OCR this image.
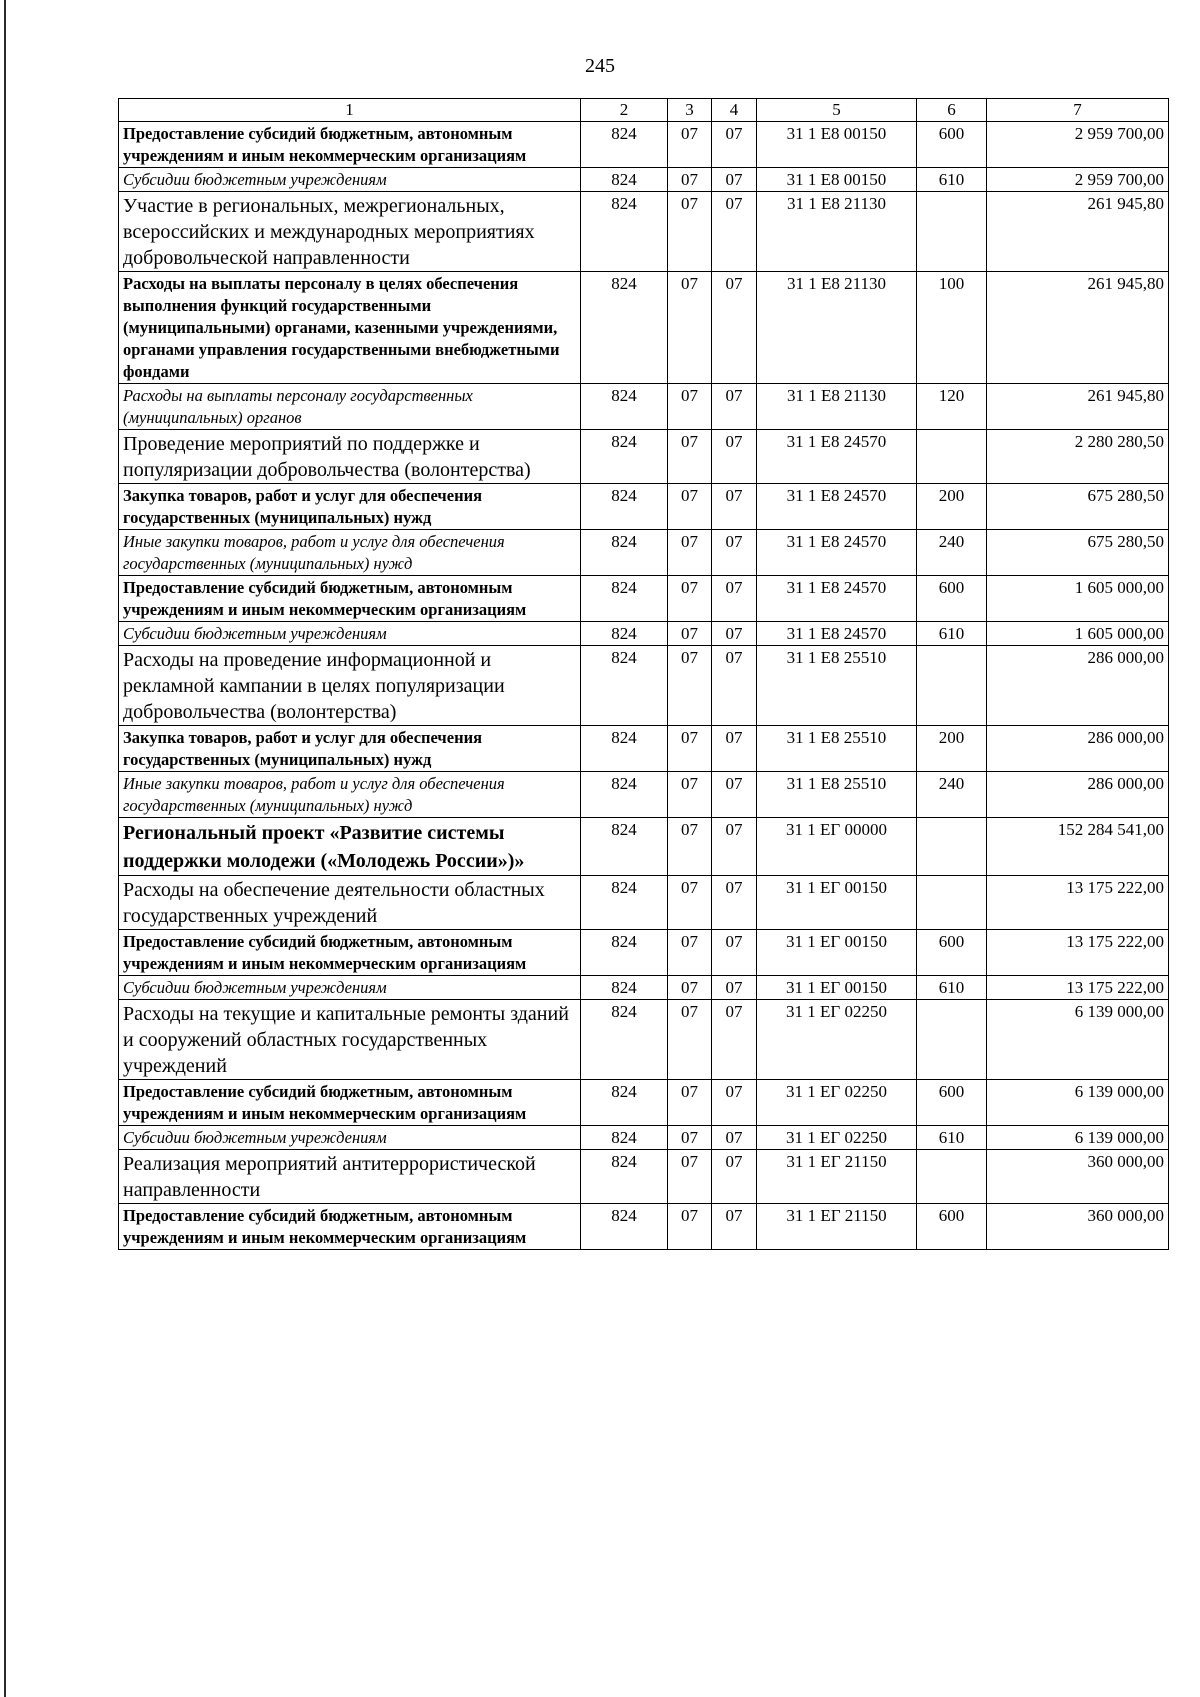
245
1	2	3	4	5	6	7
Предоставление субсидий бюджетным, автономным учреждениям и иным некоммерческим организациям	824	07	07	31 1 Е8 00150	600	2 959 700,00
Субсидии бюджетным учреждениям	824	07	07	31 1 Е8 00150	610	2 959 700,00
Участие в региональных, межрегиональных, всероссийских и международных мероприятиях добровольческой направленности	824	07	07	31 1 Е8 21130		261 945,80
Расходы на выплаты персоналу в целях обеспечения выполнения функций государственными (муниципальными) органами, казенными учреждениями, органами управления государственными внебюджетными фондами	824	07	07	31 1 Е8 21130	100	261 945,80
Расходы на выплаты персоналу государственных (муниципальных) органов	824	07	07	31 1 Е8 21130	120	261 945,80
Проведение мероприятий по поддержке и популяризации добровольчества (волонтерства)	824	07	07	31 1 Е8 24570		2 280 280,50
Закупка товаров, работ и услуг для обеспечения государственных (муниципальных) нужд	824	07	07	31 1 Е8 24570	200	675 280,50
Иные закупки товаров, работ и услуг для обеспечения государственных (муниципальных) нужд	824	07	07	31 1 Е8 24570	240	675 280,50
Предоставление субсидий бюджетным, автономным учреждениям и иным некоммерческим организациям	824	07	07	31 1 Е8 24570	600	1 605 000,00
Субсидии бюджетным учреждениям	824	07	07	31 1 Е8 24570	610	1 605 000,00
Расходы на проведение информационной и рекламной кампании в целях популяризации добровольчества (волонтерства)	824	07	07	31 1 Е8 25510		286 000,00
Закупка товаров, работ и услуг для обеспечения государственных (муниципальных) нужд	824	07	07	31 1 Е8 25510	200	286 000,00
Иные закупки товаров, работ и услуг для обеспечения государственных (муниципальных) нужд	824	07	07	31 1 Е8 25510	240	286 000,00
Региональный проект «Развитие системы поддержки молодежи («Молодежь России»)»	824	07	07	31 1 ЕГ 00000		152 284 541,00
Расходы на обеспечение деятельности областных государственных учреждений	824	07	07	31 1 ЕГ 00150		13 175 222,00
Предоставление субсидий бюджетным, автономным учреждениям и иным некоммерческим организациям	824	07	07	31 1 ЕГ 00150	600	13 175 222,00
Субсидии бюджетным учреждениям	824	07	07	31 1 ЕГ 00150	610	13 175 222,00
Расходы на текущие и капитальные ремонты зданий и сооружений областных государственных учреждений	824	07	07	31 1 ЕГ 02250		6 139 000,00
Предоставление субсидий бюджетным, автономным учреждениям и иным некоммерческим организациям	824	07	07	31 1 ЕГ 02250	600	6 139 000,00
Субсидии бюджетным учреждениям	824	07	07	31 1 ЕГ 02250	610	6 139 000,00
Реализация мероприятий антитеррористической направленности	824	07	07	31 1 ЕГ 21150		360 000,00
Предоставление субсидий бюджетным, автономным учреждениям и иным некоммерческим организациям	824	07	07	31 1 ЕГ 21150	600	360 000,00
